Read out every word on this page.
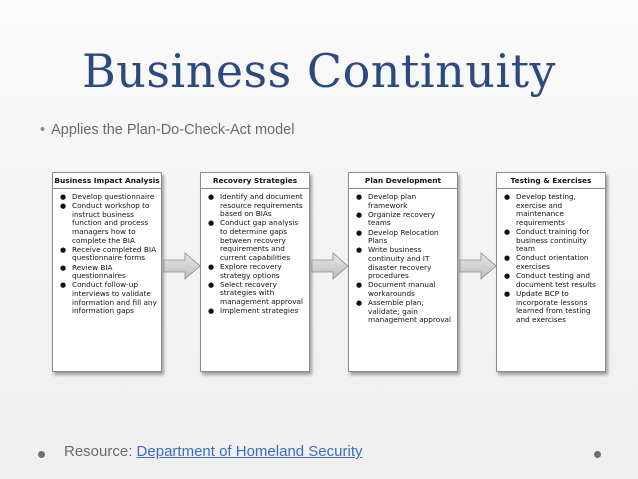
Business Continuity
• Applies the Plan-Do-Check-Act model
Business Impact Analysis
● Develop questionnaire
● Conduct workshop to instruct business function and process managers how to complete the BIA
● Receive completed BIA questionnaire forms
● Review BIA questionnaires
● Conduct follow-up interviews to validate information and fill any information gaps
Recovery Strategies
● Identify and document resource requirements based on BIAs
● Conduct gap analysis to determine gaps between recovery requirements and current capabilities
● Explore recovery strategy options
● Select recovery strategies with management approval
● Implement strategies
Plan Development
● Develop plan framework
● Organize recovery teams
● Develop Relocation Plans
● Write business continuity and IT disaster recovery procedures
● Document manual workarounds
● Assemble plan; validate; gain management approval
Testing & Exercises
● Develop testing, exercise and maintenance requirements
● Conduct training for business continuity team
● Conduct orientation exercises
● Conduct testing and document test results
● Update BCP to incorporate lessons learned from testing and exercises
Resource: Department of Homeland Security
